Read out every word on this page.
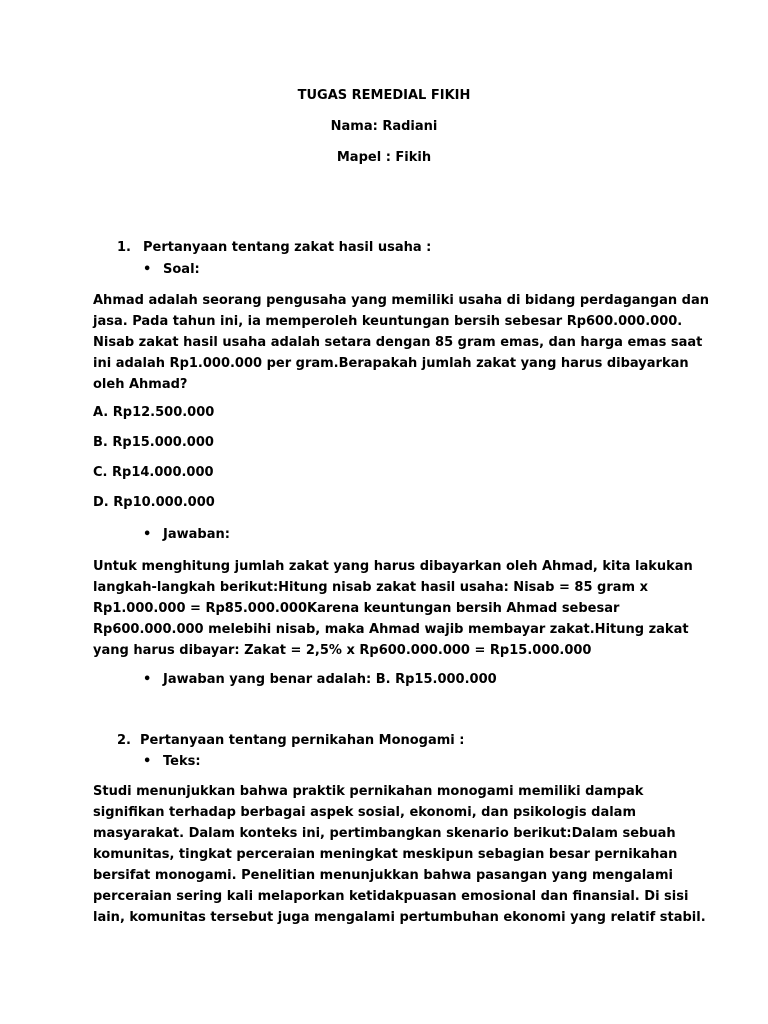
TUGAS REMEDIAL FIKIH
Nama: Radiani
Mapel : Fikih
1. Pertanyaan tentang zakat hasil usaha :
• Soal:
Ahmad adalah seorang pengusaha yang memiliki usaha di bidang perdagangan dan
jasa. Pada tahun ini, ia memperoleh keuntungan bersih sebesar Rp600.000.000.
Nisab zakat hasil usaha adalah setara dengan 85 gram emas, dan harga emas saat
ini adalah Rp1.000.000 per gram.Berapakah jumlah zakat yang harus dibayarkan
oleh Ahmad?
A. Rp12.500.000
B. Rp15.000.000
C. Rp14.000.000
D. Rp10.000.000
• Jawaban:
Untuk menghitung jumlah zakat yang harus dibayarkan oleh Ahmad, kita lakukan
langkah-langkah berikut:Hitung nisab zakat hasil usaha: Nisab = 85 gram x
Rp1.000.000 = Rp85.000.000Karena keuntungan bersih Ahmad sebesar
Rp600.000.000 melebihi nisab, maka Ahmad wajib membayar zakat.Hitung zakat
yang harus dibayar: Zakat = 2,5% x Rp600.000.000 = Rp15.000.000
• Jawaban yang benar adalah: B. Rp15.000.000
2. Pertanyaan tentang pernikahan Monogami :
• Teks:
Studi menunjukkan bahwa praktik pernikahan monogami memiliki dampak
signifikan terhadap berbagai aspek sosial, ekonomi, dan psikologis dalam
masyarakat. Dalam konteks ini, pertimbangkan skenario berikut:Dalam sebuah
komunitas, tingkat perceraian meningkat meskipun sebagian besar pernikahan
bersifat monogami. Penelitian menunjukkan bahwa pasangan yang mengalami
perceraian sering kali melaporkan ketidakpuasan emosional dan finansial. Di sisi
lain, komunitas tersebut juga mengalami pertumbuhan ekonomi yang relatif stabil.
